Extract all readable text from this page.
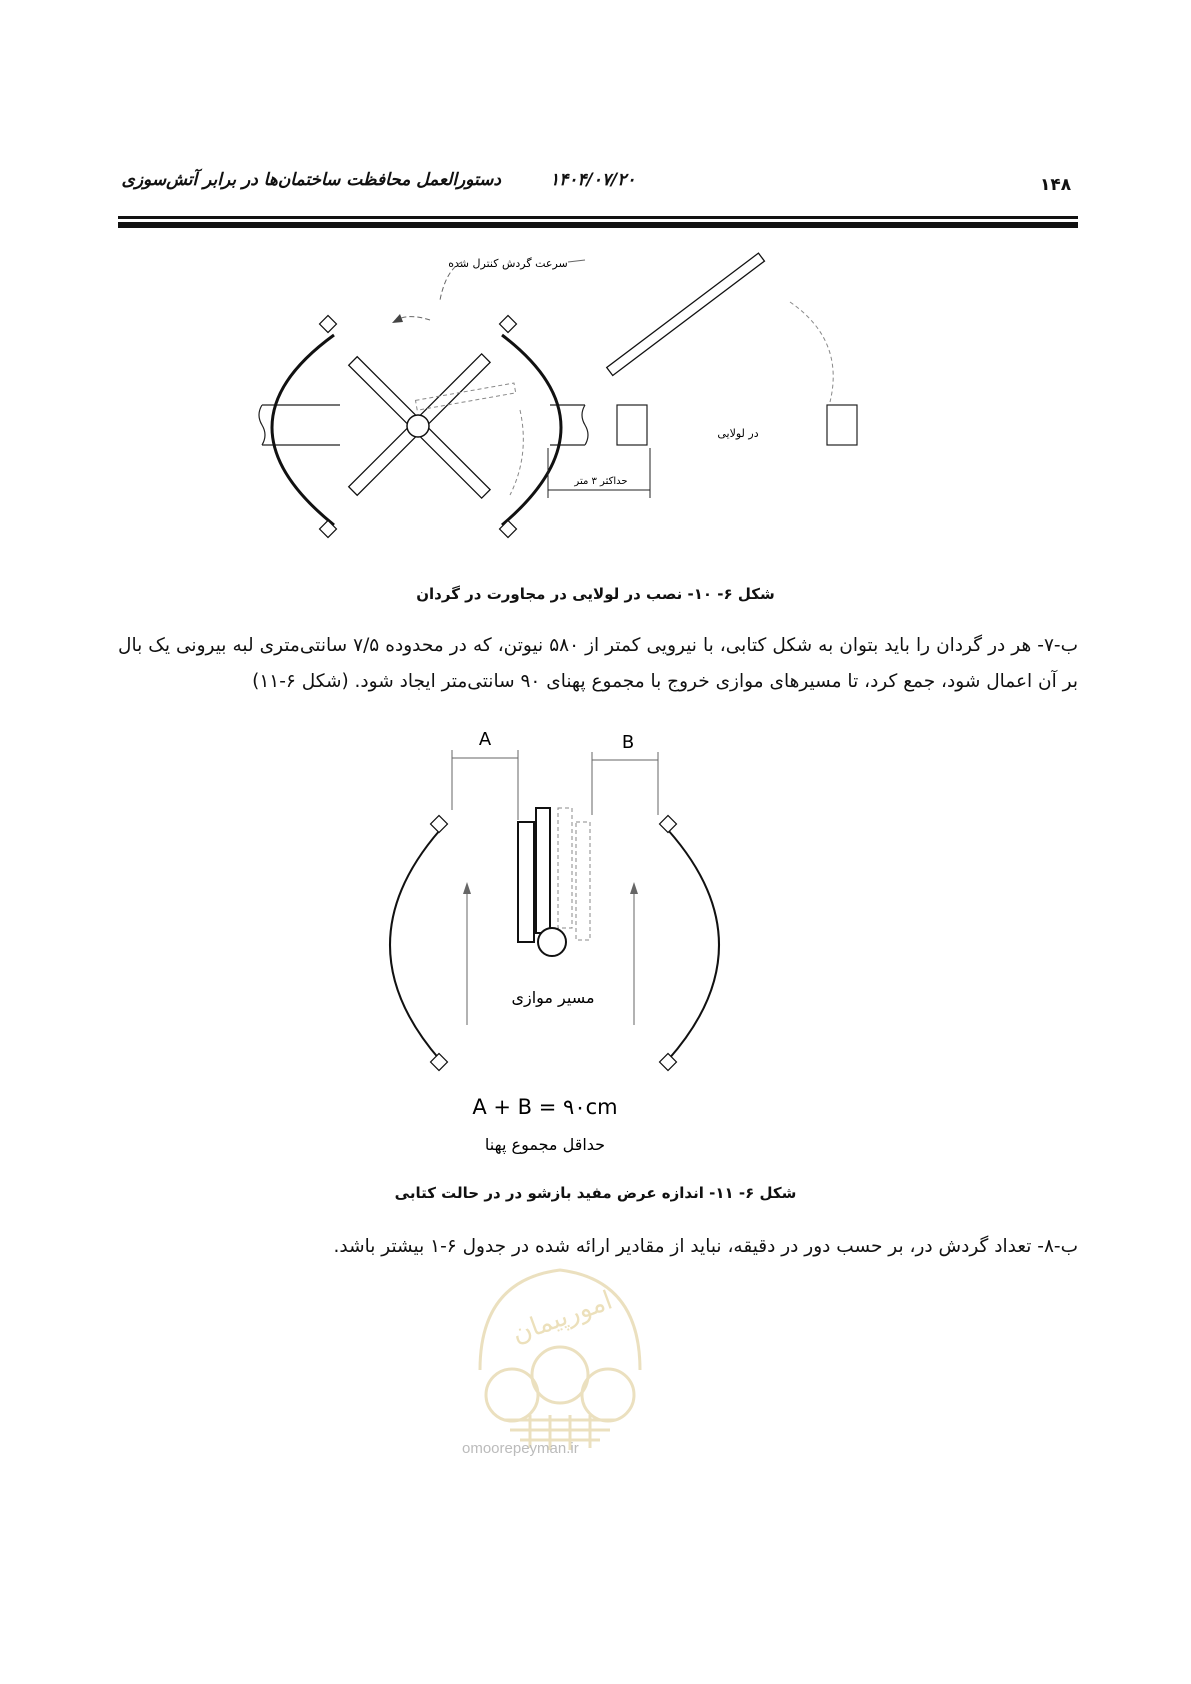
دستورالعمل محافظت ساختمان‌ها در برابر آتش‌سوزی	۱۴۰۴/۰۷/۲۰	۱۴۸
سرعت گردش کنترل شده
حداکثر ۳ متر
در لولایی
شکل ۶- ۱۰- نصب در لولایی در مجاورت در گردان
ب-۷- هر در گردان را باید بتوان به شکل کتابی، با نیرویی کمتر از ۵۸۰ نیوتن، که در محدوده ۷/۵ سانتی‌متری لبه بیرونی یک بال بر آن اعمال شود، جمع کرد، تا مسیرهای موازی خروج با مجموع پهنای ۹۰ سانتی‌متر ایجاد شود. (شکل ۶-۱۱)
A	B
مسیر موازی
A + B = ۹۰cm
حداقل مجموع پهنا
شکل ۶- ۱۱- اندازه عرض مفید بازشو در در حالت کتابی
ب-۸- تعداد گردش در، بر حسب دور در دقیقه، نباید از مقادیر ارائه شده در جدول ۶-۱ بیشتر باشد.
امورپیمان
omoorepeyman.ir
